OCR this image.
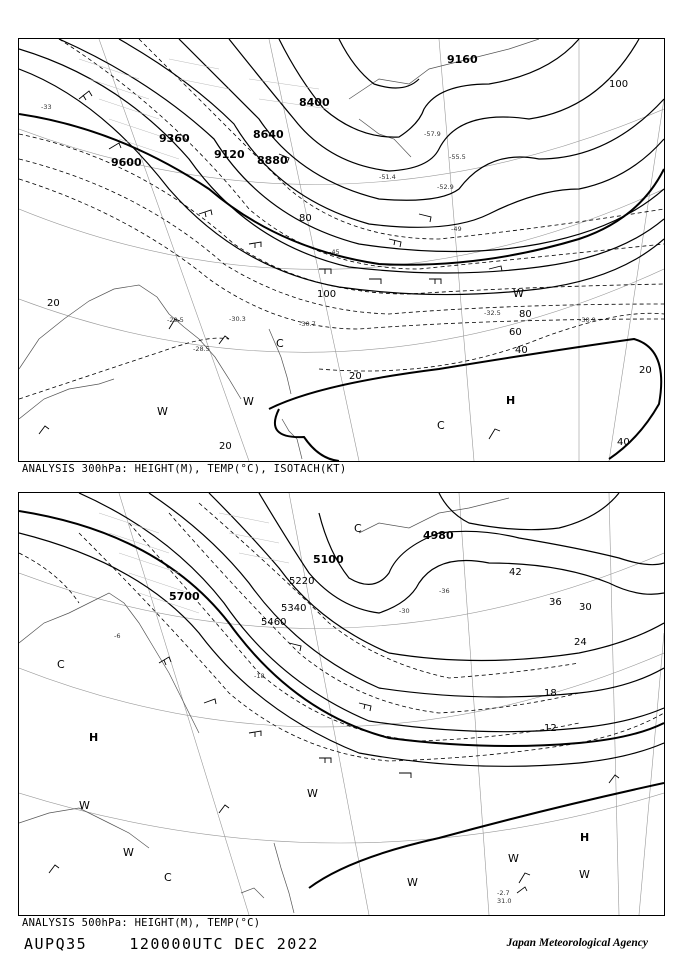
-28.5
-29.5	-30.3
-30.7	-30.9
-32.5
-33
-45
-49
-51.4
-52.9
-55.5
-57.9
9160
8400
8640
8880
9120
9360
9600
100
80
60
40
20
80
100
20
20
20
40
W
W
C
C
H
W
ANALYSIS 300hPa: HEIGHT(M), TEMP(°C), ISOTACH(KT)
42
36 30
24
18
12
-6
-18
-30
-36
4980
5100
5220
5340
5460
5700
C
H
C
W
W
W
C
H
W
W
W
-2.7
31.0
ANALYSIS 500hPa: HEIGHT(M), TEMP(°C)
AUPQ35	120000UTC DEC 2022	Japan Meteorological Agency
